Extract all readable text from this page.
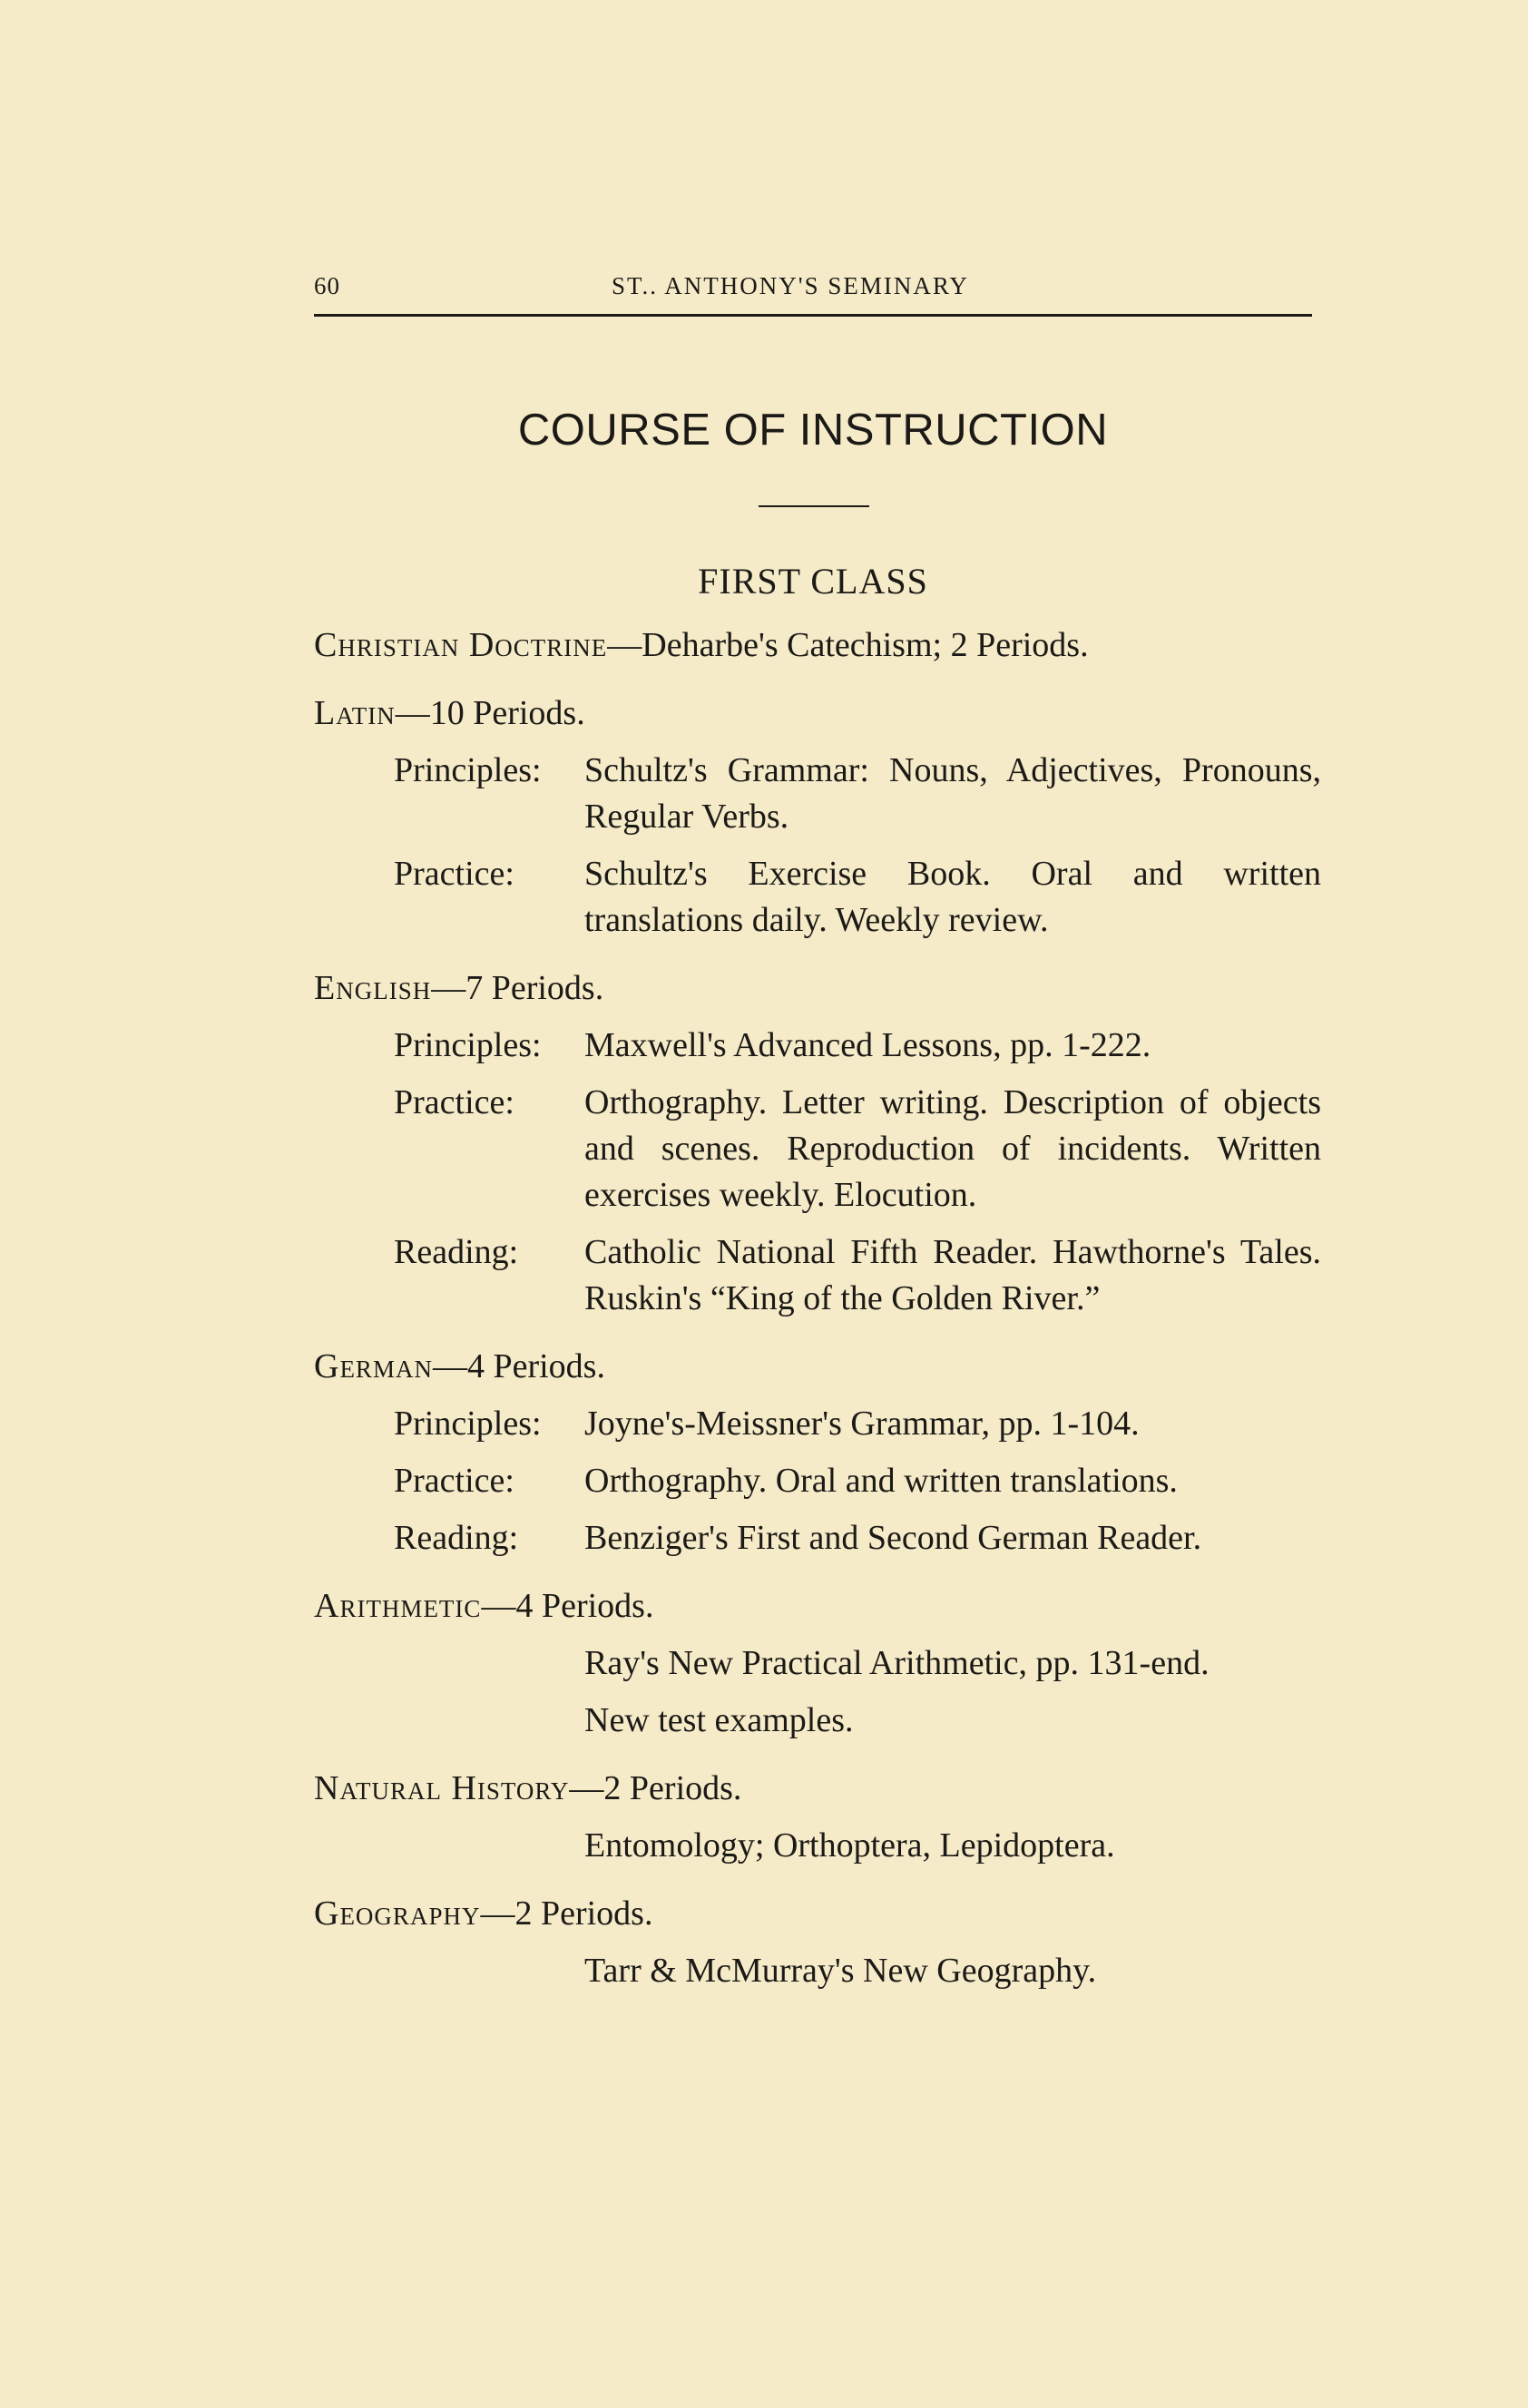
60	ST.. ANTHONY'S SEMINARY
COURSE OF INSTRUCTION
FIRST CLASS
Christian Doctrine—Deharbe's Catechism; 2 Periods.
Latin—10 Periods.
Principles:	Schultz's Grammar: Nouns, Adjectives, Pronouns, Regular Verbs.
Practice:	Schultz's Exercise Book. Oral and written translations daily. Weekly review.
English—7 Periods.
Principles:	Maxwell's Advanced Lessons, pp. 1-222.
Practice:	Orthography. Letter writing. Description of objects and scenes. Reproduction of incidents. Written exercises weekly. Elocution.
Reading:	Catholic National Fifth Reader. Hawthorne's Tales. Ruskin's “King of the Golden River.”
German—4 Periods.
Principles:	Joyne's-Meissner's Grammar, pp. 1-104.
Practice:	Orthography. Oral and written translations.
Reading:	Benziger's First and Second German Reader.
Arithmetic—4 Periods.
Ray's New Practical Arithmetic, pp. 131-end.
New test examples.
Natural History—2 Periods.
Entomology; Orthoptera, Lepidoptera.
Geography—2 Periods.
Tarr & McMurray's New Geography.
